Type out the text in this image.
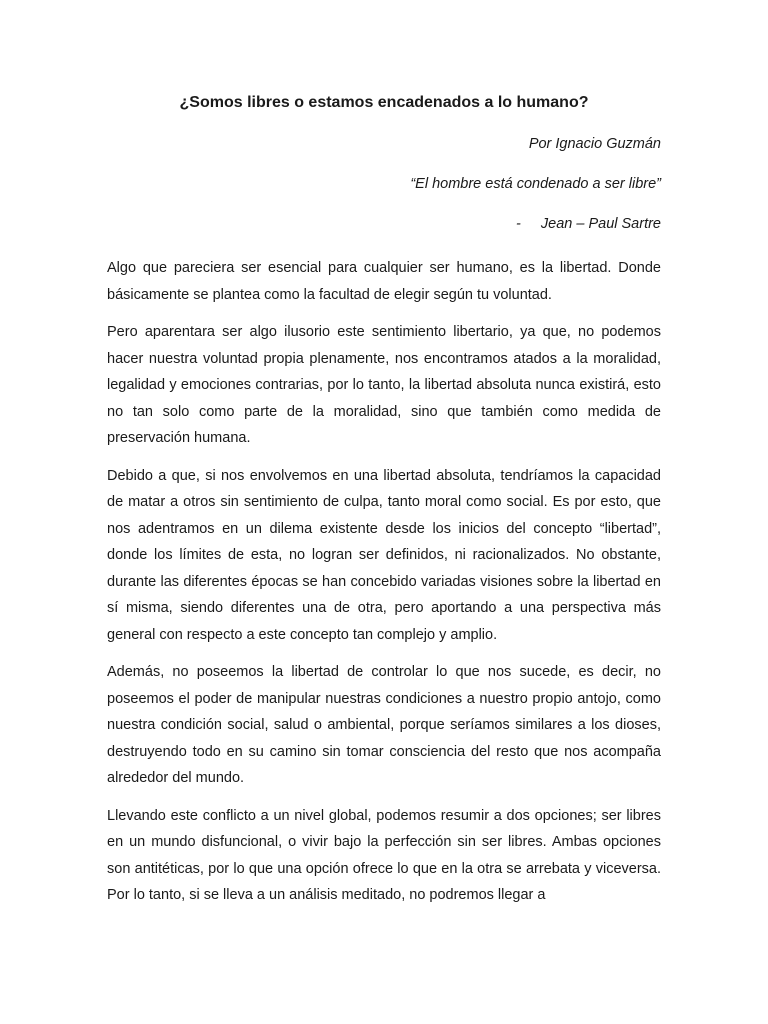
¿Somos libres o estamos encadenados a lo humano?
Por Ignacio Guzmán
“El hombre está condenado a ser libre”
- Jean – Paul Sartre

Algo que pareciera ser esencial para cualquier ser humano, es la libertad. Donde básicamente se plantea como la facultad de elegir según tu voluntad.

Pero aparentara ser algo ilusorio este sentimiento libertario, ya que, no podemos hacer nuestra voluntad propia plenamente, nos encontramos atados a la moralidad, legalidad y emociones contrarias, por lo tanto, la libertad absoluta nunca existirá, esto no tan solo como parte de la moralidad, sino que también como medida de preservación humana.

Debido a que, si nos envolvemos en una libertad absoluta, tendríamos la capacidad de matar a otros sin sentimiento de culpa, tanto moral como social. Es por esto, que nos adentramos en un dilema existente desde los inicios del concepto “libertad”, donde los límites de esta, no logran ser definidos, ni racionalizados. No obstante, durante las diferentes épocas se han concebido variadas visiones sobre la libertad en sí misma, siendo diferentes una de otra, pero aportando a una perspectiva más general con respecto a este concepto tan complejo y amplio.

Además, no poseemos la libertad de controlar lo que nos sucede, es decir, no poseemos el poder de manipular nuestras condiciones a nuestro propio antojo, como nuestra condición social, salud o ambiental, porque seríamos similares a los dioses, destruyendo todo en su camino sin tomar consciencia del resto que nos acompaña alrededor del mundo.

Llevando este conflicto a un nivel global, podemos resumir a dos opciones; ser libres en un mundo disfuncional, o vivir bajo la perfección sin ser libres. Ambas opciones son antitéticas, por lo que una opción ofrece lo que en la otra se arrebata y viceversa. Por lo tanto, si se lleva a un análisis meditado, no podremos llegar a
